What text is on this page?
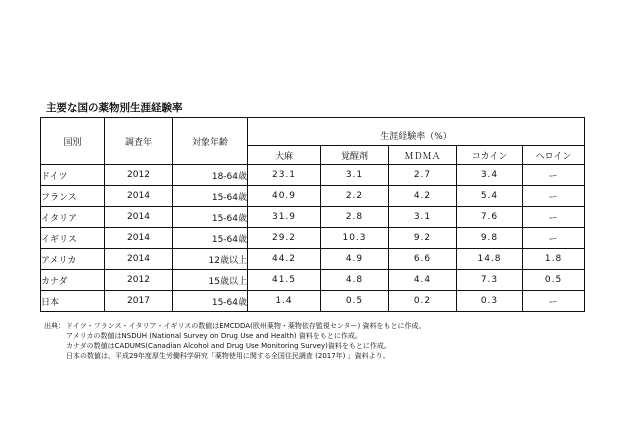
主要な国の薬物別生涯経験率
国別	調査年	対象年齢	生涯経験率（%）				
			大麻	覚醒剤	ＭＤＭＡ	コカイン	ヘロイン
ドイツ	2012	18-64歳	23.1	3.1	2.7	3.4	ー
フランス	2014	15-64歳	40.9	2.2	4.2	5.4	ー
イタリア	2014	15-64歳	31.9	2.8	3.1	7.6	ー
イギリス	2014	15-64歳	29.2	10.3	9.2	9.8	ー
アメリカ	2014	12歳以上	44.2	4.9	6.6	14.8	1.8
カナダ	2012	15歳以上	41.5	4.8	4.4	7.3	0.5
日本	2017	15-64歳	1.4	0.5	0.2	0.3	ー
出典：ドイツ・フランス・イタリア・イギリスの数値はEMCDDA(欧州薬物・薬物依存監視センター) 資料をもとに作成。
アメリカの数値はNSDUH (National Survey on Drug Use and Health) 資料をもとに作成。
カナダの数値はCADUMS(Canadian Alcohol and Drug Use Monitoring Survey)資料をもとに作成。
日本の数値は、平成29年度厚生労働科学研究「薬物使用に関する全国住民調査 (2017年) 」資料より。
